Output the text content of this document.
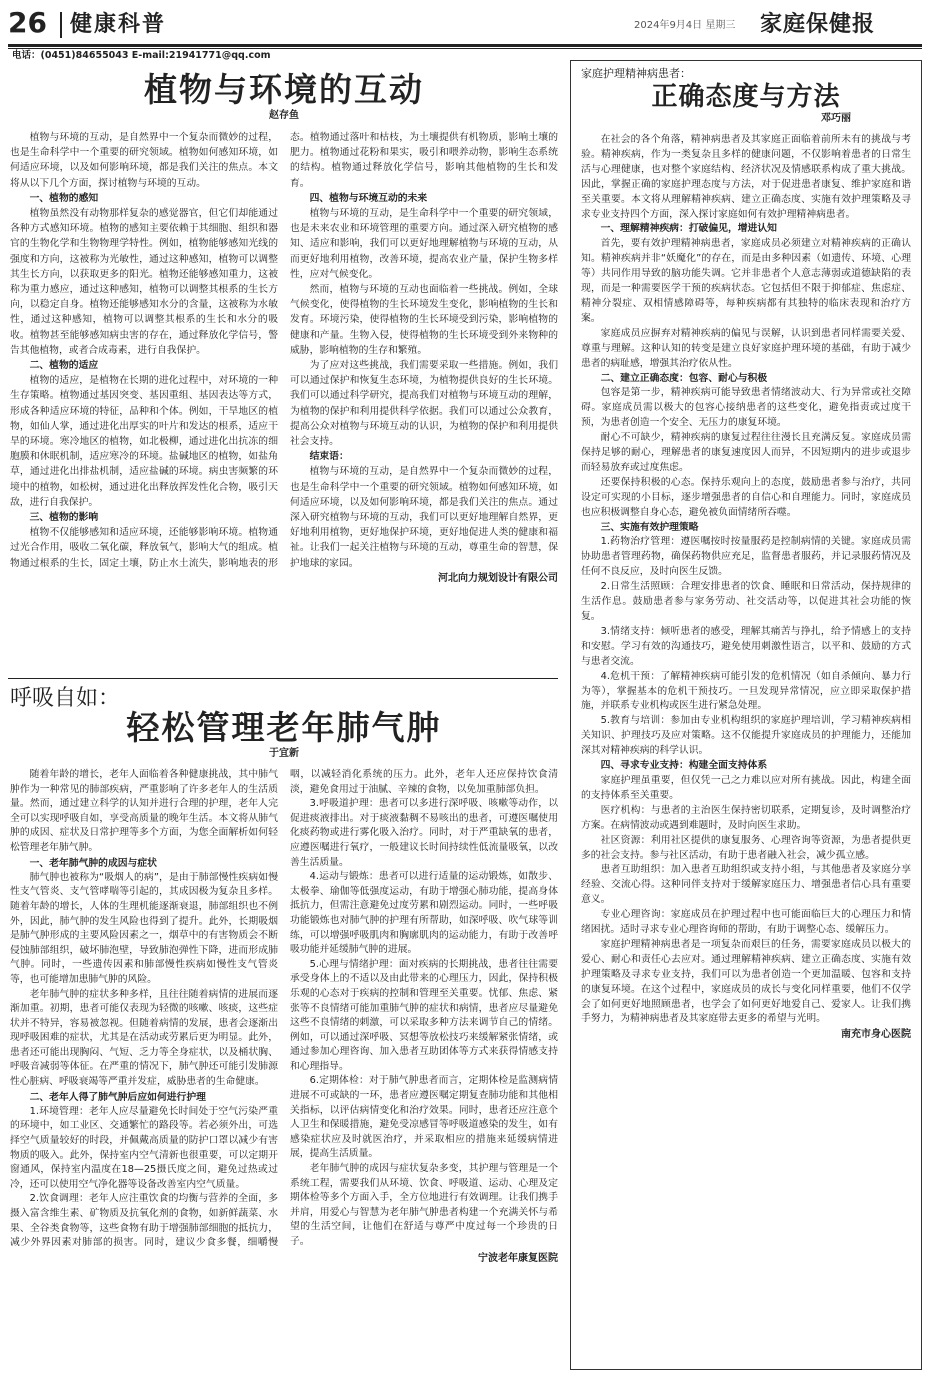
26 健康科普	2024年9月4日 星期三 家庭保健报
电话：(0451)84655043 E-mail:21941771@qq.com
植物与环境的互动
赵存鱼

植物与环境的互动，是自然界中一个复杂而微妙的过程，也是生命科学中一个重要的研究领域。植物如何感知环境，如何适应环境，以及如何影响环境，都是我们关注的焦点。本文将从以下几个方面，探讨植物与环境的互动。

一、植物的感知

植物虽然没有动物那样复杂的感觉器官，但它们却能通过各种方式感知环境。植物的感知主要依赖于其细胞、组织和器官的生物化学和生物物理学特性。例如，植物能够感知光线的强度和方向，这被称为光敏性，通过这种感知，植物可以调整其生长方向，以获取更多的阳光。植物还能够感知重力，这被称为重力感应，通过这种感知，植物可以调整其根系的生长方向，以稳定自身。植物还能够感知水分的含量，这被称为水敏性，通过这种感知，植物可以调整其根系的生长和水分的吸收。植物甚至能够感知病虫害的存在，通过释放化学信号，警告其他植物，或者合成毒素，进行自我保护。

二、植物的适应

植物的适应，是植物在长期的进化过程中，对环境的一种生存策略。植物通过基因突变、基因重组、基因表达等方式，形成各种适应环境的特征，品种和个体。例如，干旱地区的植物，如仙人掌，通过进化出厚实的叶片和发达的根系，适应干旱的环境。寒冷地区的植物，如北极柳，通过进化出抗冻的细胞膜和休眠机制，适应寒冷的环境。盐碱地区的植物，如盐角草，通过进化出排盐机制，适应盐碱的环境。病虫害频繁的环境中的植物，如松树，通过进化出释放挥发性化合物，吸引天敌，进行自我保护。

三、植物的影响

植物不仅能够感知和适应环境，还能够影响环境。植物通过光合作用，吸收二氧化碳，释放氧气，影响大气的组成。植物通过根系的生长，固定土壤，防止水土流失，影响地表的形态。植物通过落叶和枯枝，为土壤提供有机物质，影响土壤的肥力。植物通过花粉和果实，吸引和喂养动物，影响生态系统的结构。植物通过释放化学信号，影响其他植物的生长和发育。

四、植物与环境互动的未来

植物与环境的互动，是生命科学中一个重要的研究领域，也是未来农业和环境管理的重要方向。通过深入研究植物的感知、适应和影响，我们可以更好地理解植物与环境的互动，从而更好地利用植物，改善环境，提高农业产量，保护生物多样性，应对气候变化。

然而，植物与环境的互动也面临着一些挑战。例如，全球气候变化，使得植物的生长环境发生变化，影响植物的生长和发育。环境污染，使得植物的生长环境受到污染，影响植物的健康和产量。生物入侵，使得植物的生长环境受到外来物种的威胁，影响植物的生存和繁殖。

为了应对这些挑战，我们需要采取一些措施。例如，我们可以通过保护和恢复生态环境，为植物提供良好的生长环境。我们可以通过科学研究，提高我们对植物与环境互动的理解，为植物的保护和利用提供科学依据。我们可以通过公众教育，提高公众对植物与环境互动的认识，为植物的保护和利用提供社会支持。

结束语：

植物与环境的互动，是自然界中一个复杂而微妙的过程，也是生命科学中一个重要的研究领域。植物如何感知环境，如何适应环境，以及如何影响环境，都是我们关注的焦点。通过深入研究植物与环境的互动，我们可以更好地理解自然界，更好地利用植物，更好地保护环境，更好地促进人类的健康和福祉。让我们一起关注植物与环境的互动，尊重生命的智慧，保护地球的家园。

河北向力规划设计有限公司
呼吸自如：
轻松管理老年肺气肿
于宜新

随着年龄的增长，老年人面临着各种健康挑战，其中肺气肿作为一种常见的肺部疾病，严重影响了许多老年人的生活质量。然而，通过建立科学的认知并进行合理的护理，老年人完全可以实现呼吸自如，享受高质量的晚年生活。本文将从肺气肿的成因、症状及日常护理等多个方面，为您全面解析如何轻松管理老年肺气肿。

一、老年肺气肿的成因与症状

肺气肿也被称为“吸烟人的病”，是由于肺部慢性疾病如慢性支气管炎、支气管哮喘等引起的，其成因极为复杂且多样。随着年龄的增长，人体的生理机能逐渐衰退，肺部组织也不例外，因此，肺气肿的发生风险也得到了提升。此外，长期吸烟是肺气肿形成的主要风险因素之一，烟草中的有害物质会不断侵蚀肺部组织，破坏肺泡壁，导致肺泡弹性下降，进而形成肺气肿。同时，一些遗传因素和肺部慢性疾病如慢性支气管炎等，也可能增加患肺气肿的风险。

老年肺气肿的症状多种多样，且往往随着病情的进展而逐渐加重。初期，患者可能仅表现为轻微的咳嗽、咳痰，这些症状并不特异，容易被忽视。但随着病情的发展，患者会逐渐出现呼吸困难的症状，尤其是在活动或劳累后更为明显。此外，患者还可能出现胸闷、气短、乏力等全身症状，以及桶状胸、呼吸音减弱等体征。在严重的情况下，肺气肿还可能引发肺源性心脏病、呼吸衰竭等严重并发症，威胁患者的生命健康。

二、老年人得了肺气肿后应如何进行护理

1.环境管理：老年人应尽量避免长时间处于空气污染严重的环境中，如工业区、交通繁忙的路段等。若必须外出，可选择空气质量较好的时段，并佩戴高质量的防护口罩以减少有害物质的吸入。此外，保持室内空气清新也很重要，可以定期开窗通风，保持室内温度在18—25摄氏度之间，避免过热或过冷，还可以使用空气净化器等设备改善室内空气质量。

2.饮食调理：老年人应注重饮食的均衡与营养的全面，多摄入富含维生素、矿物质及抗氧化剂的食物，如新鲜蔬菜、水果、全谷类食物等，这些食物有助于增强肺部细胞的抵抗力，减少外界因素对肺部的损害。同时，建议少食多餐，细嚼慢咽，以减轻消化系统的压力。此外，老年人还应保持饮食清淡，避免食用过于油腻、辛辣的食物，以免加重肺部负担。

3.呼吸道护理：患者可以多进行深呼吸、咳嗽等动作，以促进痰液排出。对于痰液黏稠不易咳出的患者，可遵医嘱使用化痰药物或进行雾化吸入治疗。同时，对于严重缺氧的患者，应遵医嘱进行氧疗，一般建议长时间持续性低流量吸氧，以改善生活质量。

4.运动与锻炼：患者可以进行适量的运动锻炼，如散步、太极拳、瑜伽等低强度运动，有助于增强心肺功能，提高身体抵抗力，但需注意避免过度劳累和剧烈运动。同时，一些呼吸功能锻炼也对肺气肿的护理有所帮助，如深呼吸、吹气球等训练，可以增强呼吸肌肉和胸廓肌肉的运动能力，有助于改善呼吸功能并延缓肺气肿的进展。

5.心理与情绪护理：面对疾病的长期挑战，患者往往需要承受身体上的不适以及由此带来的心理压力，因此，保持积极乐观的心态对于疾病的控制和管理至关重要。忧郁、焦虑、紧张等不良情绪可能加重肺气肿的症状和病情，患者应尽量避免这些不良情绪的刺激，可以采取多种方法来调节自己的情绪。例如，可以通过深呼吸、冥想等放松技巧来缓解紧张情绪，或通过参加心理咨询、加入患者互助团体等方式来获得情感支持和心理指导。

6.定期体检：对于肺气肿患者而言，定期体检是监测病情进展不可或缺的一环，患者应遵医嘱定期复查肺功能和其他相关指标，以评估病情变化和治疗效果。同时，患者还应注意个人卫生和保暖措施，避免受凉感冒等呼吸道感染的发生，如有感染症状应及时就医治疗，并采取相应的措施来延缓病情进展，提高生活质量。

老年肺气肿的成因与症状复杂多变，其护理与管理是一个系统工程，需要我们从环境、饮食、呼吸道、运动、心理及定期体检等多个方面入手，全方位地进行有效调理。让我们携手并肩，用爱心与智慧为老年肺气肿患者构建一个充满关怀与希望的生活空间，让他们在舒适与尊严中度过每一个珍贵的日子。

宁波老年康复医院
家庭护理精神病患者：
正确态度与方法
邓巧丽

在社会的各个角落，精神病患者及其家庭正面临着前所未有的挑战与考验。精神疾病，作为一类复杂且多样的健康问题，不仅影响着患者的日常生活与心理健康，也对整个家庭结构、经济状况及情感联系构成了重大挑战。因此，掌握正确的家庭护理态度与方法，对于促进患者康复、维护家庭和谐至关重要。本文将从理解精神疾病、建立正确态度、实施有效护理策略及寻求专业支持四个方面，深入探讨家庭如何有效护理精神病患者。

一、理解精神疾病：打破偏见，增进认知

首先，要有效护理精神病患者，家庭成员必须建立对精神疾病的正确认知。精神疾病并非“妖魔化”的存在，而是由多种因素（如遗传、环境、心理等）共同作用导致的脑功能失调。它并非患者个人意志薄弱或道德缺陷的表现，而是一种需要医学干预的疾病状态。它包括但不限于抑郁症、焦虑症、精神分裂症、双相情感障碍等，每种疾病都有其独特的临床表现和治疗方案。

家庭成员应摒弃对精神疾病的偏见与误解，认识到患者同样需要关爱、尊重与理解。这种认知的转变是建立良好家庭护理环境的基础，有助于减少患者的病耻感，增强其治疗依从性。

二、建立正确态度：包容、耐心与积极

包容是第一步，精神疾病可能导致患者情绪波动大、行为异常或社交障碍。家庭成员需以极大的包容心接纳患者的这些变化，避免指责或过度干预，为患者创造一个安全、无压力的康复环境。

耐心不可缺少，精神疾病的康复过程往往漫长且充满反复。家庭成员需保持足够的耐心，理解患者的康复速度因人而异，不因短期内的进步或退步而轻易放弃或过度焦虑。

还要保持积极的心态。保持乐观向上的态度，鼓励患者参与治疗，共同设定可实现的小目标，逐步增强患者的自信心和自理能力。同时，家庭成员也应积极调整自身心态，避免被负面情绪所吞噬。

三、实施有效护理策略

1.药物治疗管理：遵医嘱按时按量服药是控制病情的关键。家庭成员需协助患者管理药物，确保药物供应充足，监督患者服药，并记录服药情况及任何不良反应，及时向医生反馈。

2.日常生活照顾：合理安排患者的饮食、睡眠和日常活动，保持规律的生活作息。鼓励患者参与家务劳动、社交活动等，以促进其社会功能的恢复。

3.情绪支持：倾听患者的感受，理解其痛苦与挣扎，给予情感上的支持和安慰。学习有效的沟通技巧，避免使用刺激性语言，以平和、鼓励的方式与患者交流。

4.危机干预：了解精神疾病可能引发的危机情况（如自杀倾向、暴力行为等），掌握基本的危机干预技巧。一旦发现异常情况，应立即采取保护措施，并联系专业机构或医生进行紧急处理。

5.教育与培训：参加由专业机构组织的家庭护理培训，学习精神疾病相关知识、护理技巧及应对策略。这不仅能提升家庭成员的护理能力，还能加深其对精神疾病的科学认识。

四、寻求专业支持：构建全面支持体系

家庭护理虽重要，但仅凭一己之力难以应对所有挑战。因此，构建全面的支持体系至关重要。

医疗机构：与患者的主治医生保持密切联系，定期复诊，及时调整治疗方案。在病情波动或遇到难题时，及时向医生求助。

社区资源：利用社区提供的康复服务、心理咨询等资源，为患者提供更多的社会支持。参与社区活动，有助于患者融入社会，减少孤立感。

患者互助组织：加入患者互助组织或支持小组，与其他患者及家庭分享经验、交流心得。这种同伴支持对于缓解家庭压力、增强患者信心具有重要意义。

专业心理咨询：家庭成员在护理过程中也可能面临巨大的心理压力和情绪困扰。适时寻求专业心理咨询师的帮助，有助于调整心态、缓解压力。

家庭护理精神病患者是一项复杂而艰巨的任务，需要家庭成员以极大的爱心、耐心和责任心去应对。通过理解精神疾病、建立正确态度、实施有效护理策略及寻求专业支持，我们可以为患者创造一个更加温暖、包容和支持的康复环境。在这个过程中，家庭成员的成长与变化同样重要，他们不仅学会了如何更好地照顾患者，也学会了如何更好地爱自己、爱家人。让我们携手努力，为精神病患者及其家庭带去更多的希望与光明。

南充市身心医院
